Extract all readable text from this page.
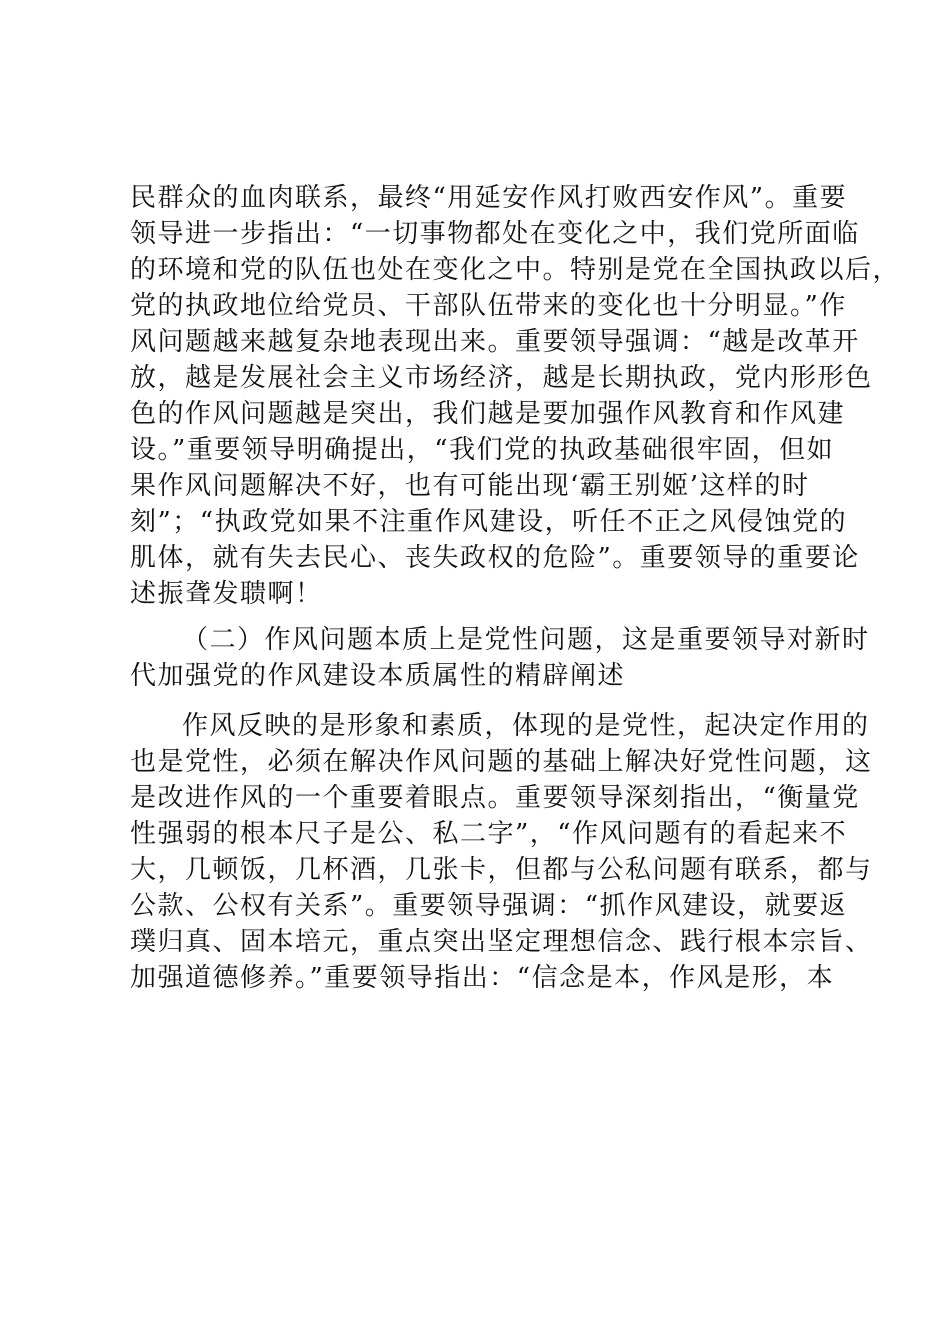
民群众的血肉联系，最终“用延安作风打败西安作风”。重要
领导进一步指出：“一切事物都处在变化之中，我们党所面临
的环境和党的队伍也处在变化之中。特别是党在全国执政以后，
党的执政地位给党员、干部队伍带来的变化也十分明显。”作
风问题越来越复杂地表现出来。重要领导强调：“越是改革开
放，越是发展社会主义市场经济，越是长期执政，党内形形色
色的作风问题越是突出，我们越是要加强作风教育和作风建
设。”重要领导明确提出，“我们党的执政基础很牢固，但如
果作风问题解决不好，也有可能出现‘霸王别姬’这样的时
刻”；“执政党如果不注重作风建设，听任不正之风侵蚀党的
肌体，就有失去民心、丧失政权的危险”。重要领导的重要论
述振聋发聩啊！
（二）作风问题本质上是党性问题，这是重要领导对新时
代加强党的作风建设本质属性的精辟阐述
作风反映的是形象和素质，体现的是党性，起决定作用的
也是党性，必须在解决作风问题的基础上解决好党性问题，这
是改进作风的一个重要着眼点。重要领导深刻指出，“衡量党
性强弱的根本尺子是公、私二字”，“作风问题有的看起来不
大，几顿饭，几杯酒，几张卡，但都与公私问题有联系，都与
公款、公权有关系”。重要领导强调：“抓作风建设，就要返
璞归真、固本培元，重点突出坚定理想信念、践行根本宗旨、
加强道德修养。”重要领导指出：“信念是本，作风是形，本
